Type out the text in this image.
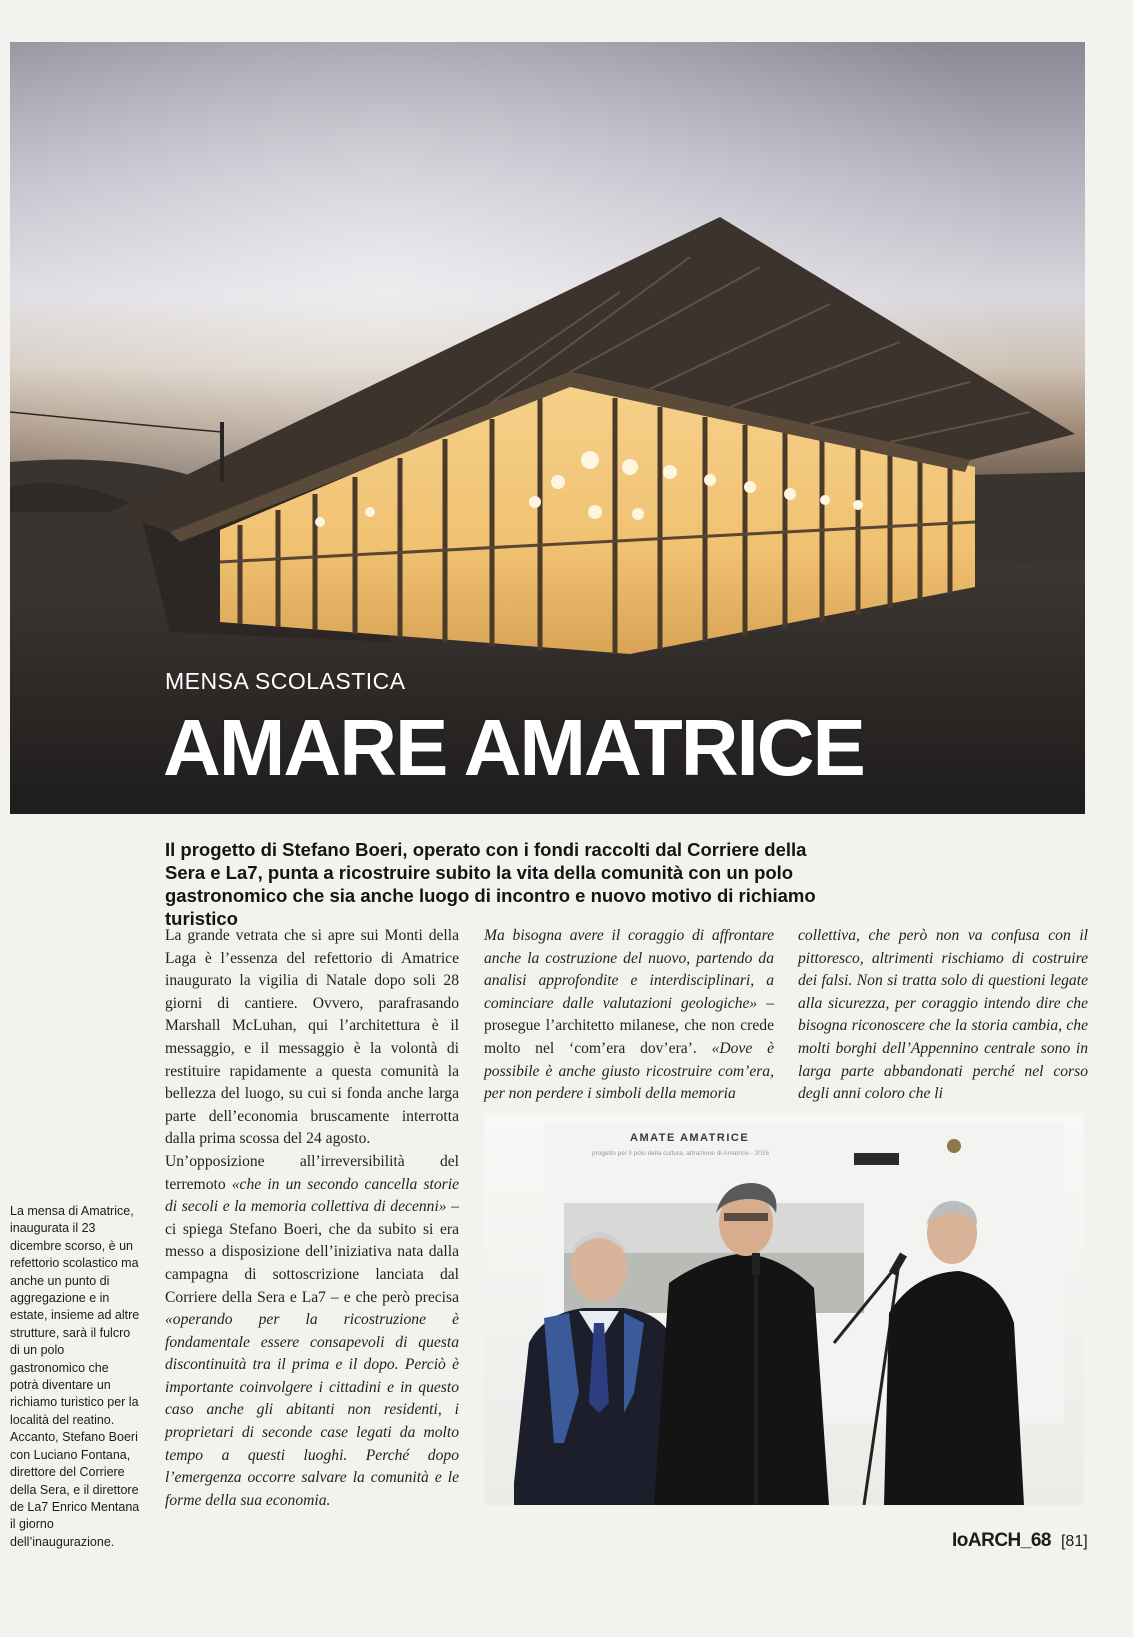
MENSA SCOLASTICA
AMARE AMATRICE
Il progetto di Stefano Boeri, operato con i fondi raccolti dal Corriere della Sera e La7, punta a ricostruire subito la vita della comunità con un polo gastronomico che sia anche luogo di incontro e nuovo motivo di richiamo turistico

La grande vetrata che si apre sui Monti della Laga è l’essenza del refettorio di Amatrice inaugurato la vigilia di Natale dopo soli 28 giorni di cantiere. Ovvero, parafrasando Marshall McLuhan, qui l’architettura è il messaggio, e il messaggio è la volontà di restituire rapidamente a questa comunità la bellezza del luogo, su cui si fonda anche larga parte dell’economia bruscamente interrotta dalla prima scossa del 24 agosto.

Un’opposizione all’irreversibilità del terremoto «che in un secondo cancella storie di secoli e la memoria collettiva di decenni» – ci spiega Stefano Boeri, che da subito si era messo a disposizione dell’iniziativa nata dalla campagna di sottoscrizione lanciata dal Corriere della Sera e La7 – e che però precisa «operando per la ricostruzione è fondamentale essere consapevoli di questa discontinuità tra il prima e il dopo. Perciò è importante coinvolgere i cittadini e in questo caso anche gli abitanti non residenti, i proprietari di seconde case legati da molto tempo a questi luoghi. Perché dopo l’emergenza occorre salvare la comunità e le forme della sua economia.

Ma bisogna avere il coraggio di affrontare anche la costruzione del nuovo, partendo da analisi approfondite e interdisciplinari, a cominciare dalle valutazioni geologiche» – prosegue l’architetto milanese, che non crede molto nel ‘com’era dov’era’. «Dove è possibile è anche giusto ricostruire com’era, per non perdere i simboli della memoria

collettiva, che però non va confusa con il pittoresco, altrimenti rischiamo di costruire dei falsi. Non si tratta solo di questioni legate alla sicurezza, per coraggio intendo dire che bisogna riconoscere che la storia cambia, che molti borghi dell’Appennino centrale sono in larga parte abbandonati perché nel corso degli anni coloro che li

La mensa di Amatrice, inaugurata il 23 dicembre scorso, è un refettorio scolastico ma anche un punto di aggregazione e in estate, insieme ad altre strutture, sarà il fulcro di un polo gastronomico che potrà diventare un richiamo turistico per la località del reatino. Accanto, Stefano Boeri con Luciano Fontana, direttore del Corriere della Sera, e il direttore de La7 Enrico Mentana il giorno dell’inaugurazione.
AMATE AMATRICE
progetto per il polo della cultura, attrazione di Amatrice - 2016
IoARCH_68 [81]
